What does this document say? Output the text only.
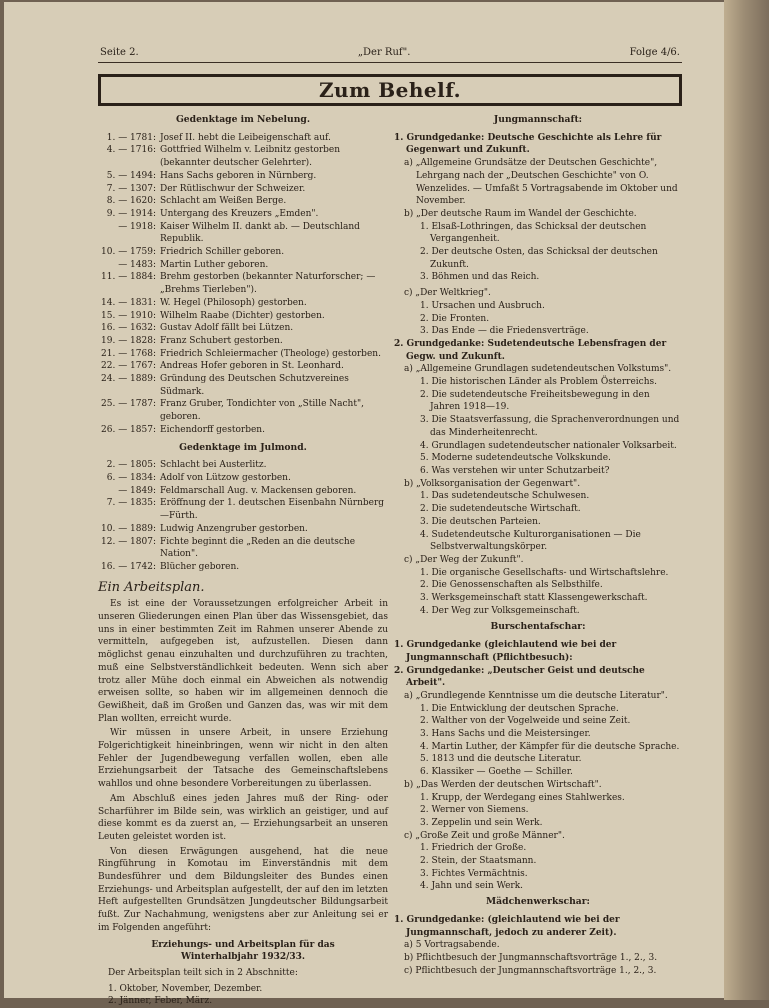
Seite 2.	„Der Ruf".	Folge 4/6.
Zum Behelf.
Gedenktage im Nebelung.
1. — 1781: Josef II. hebt die Leibeigenschaft auf.
4. — 1716: Gottfried Wilhelm v. Leibnitz gestorben (bekannter deutscher Gelehrter).
5. — 1494: Hans Sachs geboren in Nürnberg.
7. — 1307: Der Rütlischwur der Schweizer.
8. — 1620: Schlacht am Weißen Berge.
9. — 1914: Untergang des Kreuzers „Emden".
— 1918: Kaiser Wilhelm II. dankt ab. — Deutschland Republik.
10. — 1759: Friedrich Schiller geboren.
— 1483: Martin Luther geboren.
11. — 1884: Brehm gestorben (bekannter Naturforscher; — „Brehms Tierleben").
14. — 1831: W. Hegel (Philosoph) gestorben.
15. — 1910: Wilhelm Raabe (Dichter) gestorben.
16. — 1632: Gustav Adolf fällt bei Lützen.
19. — 1828: Franz Schubert gestorben.
21. — 1768: Friedrich Schleiermacher (Theologe) gestorben.
22. — 1767: Andreas Hofer geboren in St. Leonhard.
24. — 1889: Gründung des Deutschen Schutzvereines Südmark.
25. — 1787: Franz Gruber, Tondichter von „Stille Nacht", geboren.
26. — 1857: Eichendorff gestorben.
Gedenktage im Julmond.
2. — 1805: Schlacht bei Austerlitz.
6. — 1834: Adolf von Lützow gestorben.
— 1849: Feldmarschall Aug. v. Mackensen geboren.
7. — 1835: Eröffnung der 1. deutschen Eisenbahn Nürnberg—Fürth.
10. — 1889: Ludwig Anzengruber gestorben.
12. — 1807: Fichte beginnt die „Reden an die deutsche Nation".
16. — 1742: Blücher geboren.
Ein Arbeitsplan.
Es ist eine der Voraussetzungen erfolgreicher Arbeit in unseren Gliederungen einen Plan über das Wissensgebiet, das uns in einer bestimmten Zeit im Rahmen unserer Abende zu vermitteln, aufgegeben ist, aufzustellen. Diesen dann möglichst genau einzuhalten und durchzuführen zu trachten, muß eine Selbstverständlichkeit bedeuten. Wenn sich aber trotz aller Mühe doch einmal ein Abweichen als notwendig erweisen sollte, so haben wir im allgemeinen dennoch die Gewißheit, daß im Großen und Ganzen das, was wir mit dem Plan wollten, erreicht wurde.
Wir müssen in unsere Arbeit, in unsere Erziehung Folgerichtigkeit hineinbringen, wenn wir nicht in den alten Fehler der Jugendbewegung verfallen wollen, eben alle Erziehungsarbeit der Tatsache des Gemeinschaftslebens wahllos und ohne besondere Vorbereitungen zu überlassen.
Am Abschluß eines jeden Jahres muß der Ring- oder Scharführer im Bilde sein, was wirklich an geistiger, und auf diese kommt es da zuerst an, — Erziehungsarbeit an unseren Leuten geleistet worden ist.
Von diesen Erwägungen ausgehend, hat die neue Ringführung in Komotau im Einverständnis mit dem Bundesführer und dem Bildungsleiter des Bundes einen Erziehungs- und Arbeitsplan aufgestellt, der auf den im letzten Heft aufgestellten Grundsätzen Jungdeutscher Bildungsarbeit fußt. Zur Nachahmung, wenigstens aber zur Anleitung sei er im Folgenden angeführt:
Erziehungs- und Arbeitsplan für das
Winterhalbjahr 1932/33.
Der Arbeitsplan teilt sich in 2 Abschnitte:
1. Oktober, November, Dezember.
2. Jänner, Feber, März.
Jungmannschaft:
1. Grundgedanke: Deutsche Geschichte als Lehre für Gegenwart und Zukunft.
a) „Allgemeine Grundsätze der Deutschen Geschichte", Lehrgang nach der „Deutschen Geschichte" von O. Wenzelides. — Umfaßt 5 Vortragsabende im Oktober und November.
b) „Der deutsche Raum im Wandel der Geschichte.
1. Elsaß-Lothringen, das Schicksal der deutschen Vergangenheit.
2. Der deutsche Osten, das Schicksal der deutschen Zukunft.
3. Böhmen und das Reich.
c) „Der Weltkrieg".
1. Ursachen und Ausbruch.
2. Die Fronten.
3. Das Ende — die Friedensverträge.
2. Grundgedanke: Sudetendeutsche Lebensfragen der Gegw. und Zukunft.
a) „Allgemeine Grundlagen sudetendeutschen Volkstums".
1. Die historischen Länder als Problem Österreichs.
2. Die sudetendeutsche Freiheitsbewegung in den Jahren 1918—19.
3. Die Staatsverfassung, die Sprachenverordnungen und das Minderheitenrecht.
4. Grundlagen sudetendeutscher nationaler Volksarbeit.
5. Moderne sudetendeutsche Volkskunde.
6. Was verstehen wir unter Schutzarbeit?
b) „Volksorganisation der Gegenwart".
1. Das sudetendeutsche Schulwesen.
2. Die sudetendeutsche Wirtschaft.
3. Die deutschen Parteien.
4. Sudetendeutsche Kulturorganisationen — Die Selbstverwaltungskörper.
c) „Der Weg der Zukunft".
1. Die organische Gesellschafts- und Wirtschaftslehre.
2. Die Genossenschaften als Selbsthilfe.
3. Werksgemeinschaft statt Klassengewerkschaft.
4. Der Weg zur Volksgemeinschaft.
Burschentafschar:
1. Grundgedanke (gleichlautend wie bei der Jungmannschaft (Pflichtbesuch):
2. Grundgedanke: „Deutscher Geist und deutsche Arbeit".
a) „Grundlegende Kenntnisse um die deutsche Literatur".
1. Die Entwicklung der deutschen Sprache.
2. Walther von der Vogelweide und seine Zeit.
3. Hans Sachs und die Meistersinger.
4. Martin Luther, der Kämpfer für die deutsche Sprache.
5. 1813 und die deutsche Literatur.
6. Klassiker — Goethe — Schiller.
b) „Das Werden der deutschen Wirtschaft".
1. Krupp, der Werdegang eines Stahlwerkes.
2. Werner von Siemens.
3. Zeppelin und sein Werk.
c) „Große Zeit und große Männer".
1. Friedrich der Große.
2. Stein, der Staatsmann.
3. Fichtes Vermächtnis.
4. Jahn und sein Werk.
Mädchenwerkschar:
1. Grundgedanke: (gleichlautend wie bei der Jungmannschaft, jedoch zu anderer Zeit).
a) 5 Vortragsabende.
b) Pflichtbesuch der Jungmannschaftsvorträge 1., 2., 3.
c) Pflichtbesuch der Jungmannschaftsvorträge 1., 2., 3.
